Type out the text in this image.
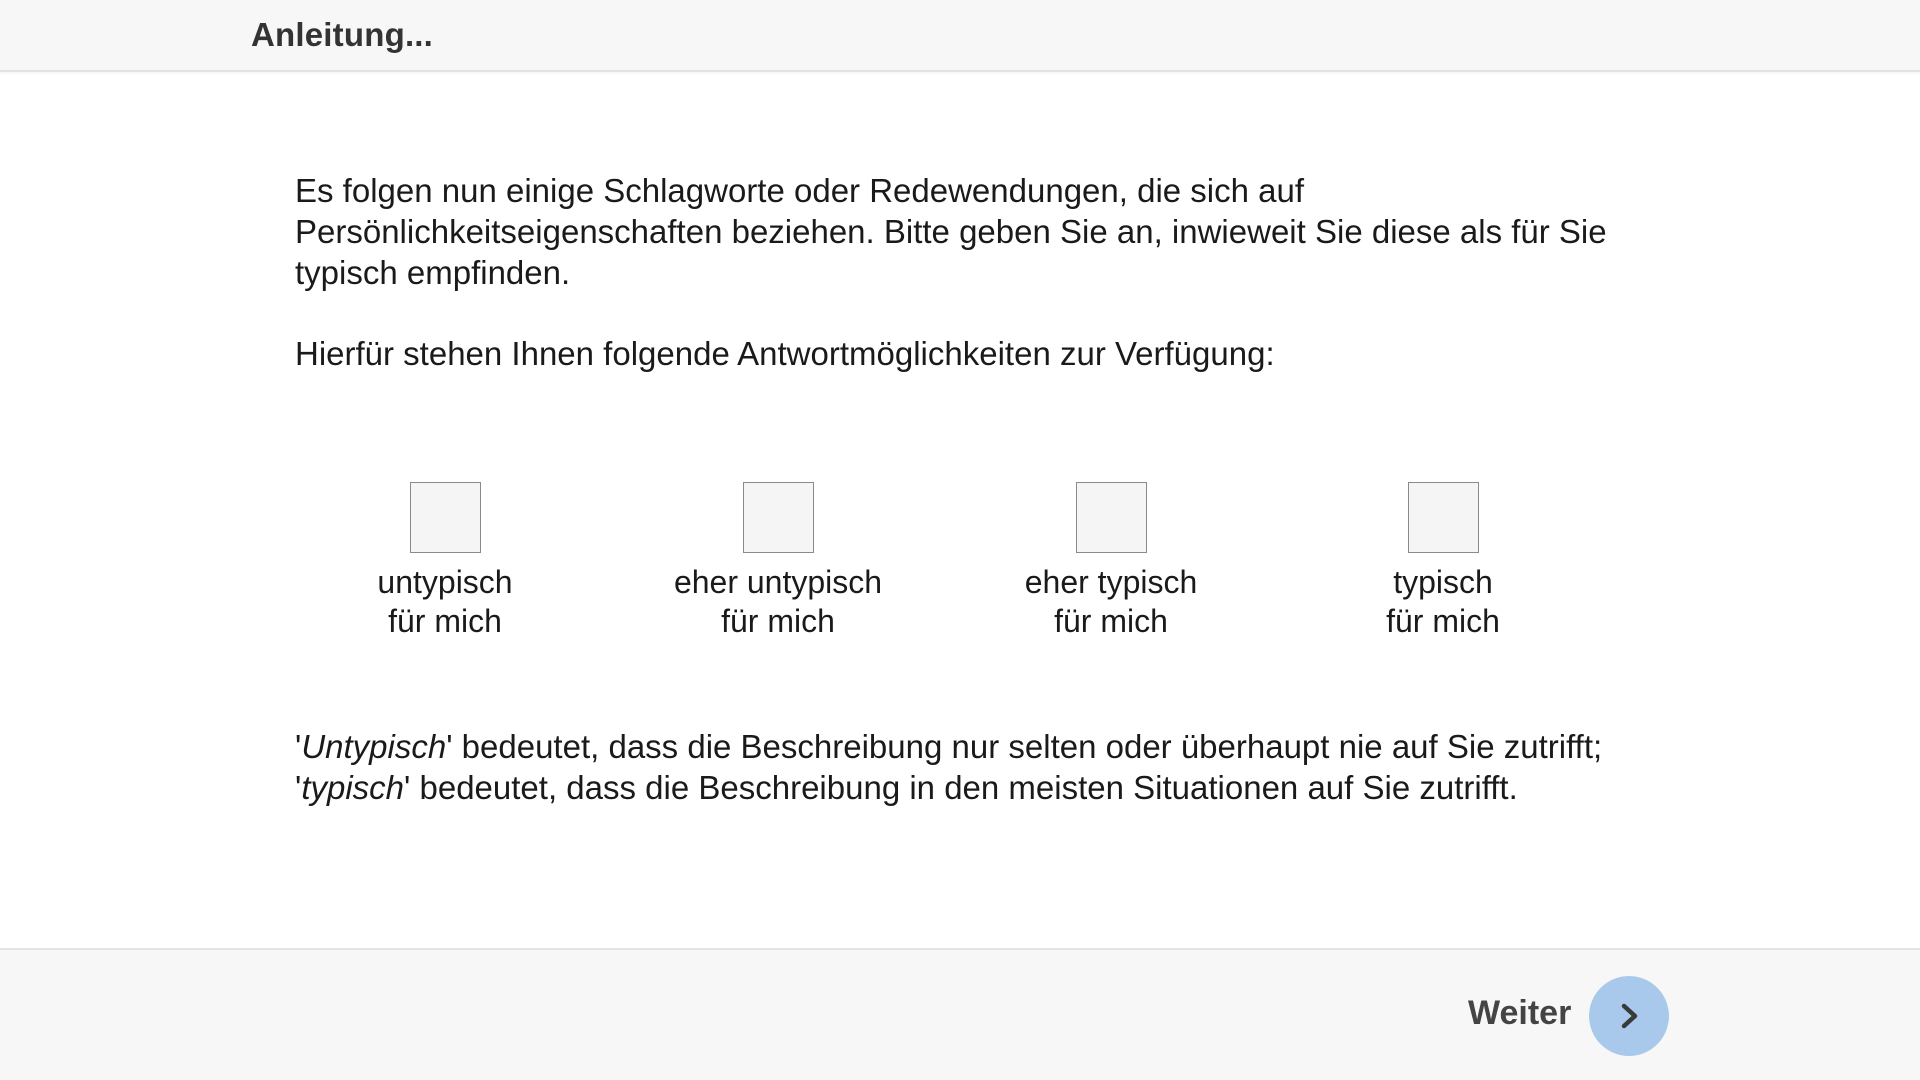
Anleitung...

Es folgen nun einige Schlagworte oder Redewendungen, die sich auf Persönlichkeitseigenschaften beziehen. Bitte geben Sie an, inwieweit Sie diese als für Sie typisch empfinden.

Hierfür stehen Ihnen folgende Antwortmöglichkeiten zur Verfügung:

untypisch
für mich
eher untypisch
für mich
eher typisch
für mich
typisch
für mich

'Untypisch' bedeutet, dass die Beschreibung nur selten oder überhaupt nie auf Sie zutrifft; 'typisch' bedeutet, dass die Beschreibung in den meisten Situationen auf Sie zutrifft.

Weiter
